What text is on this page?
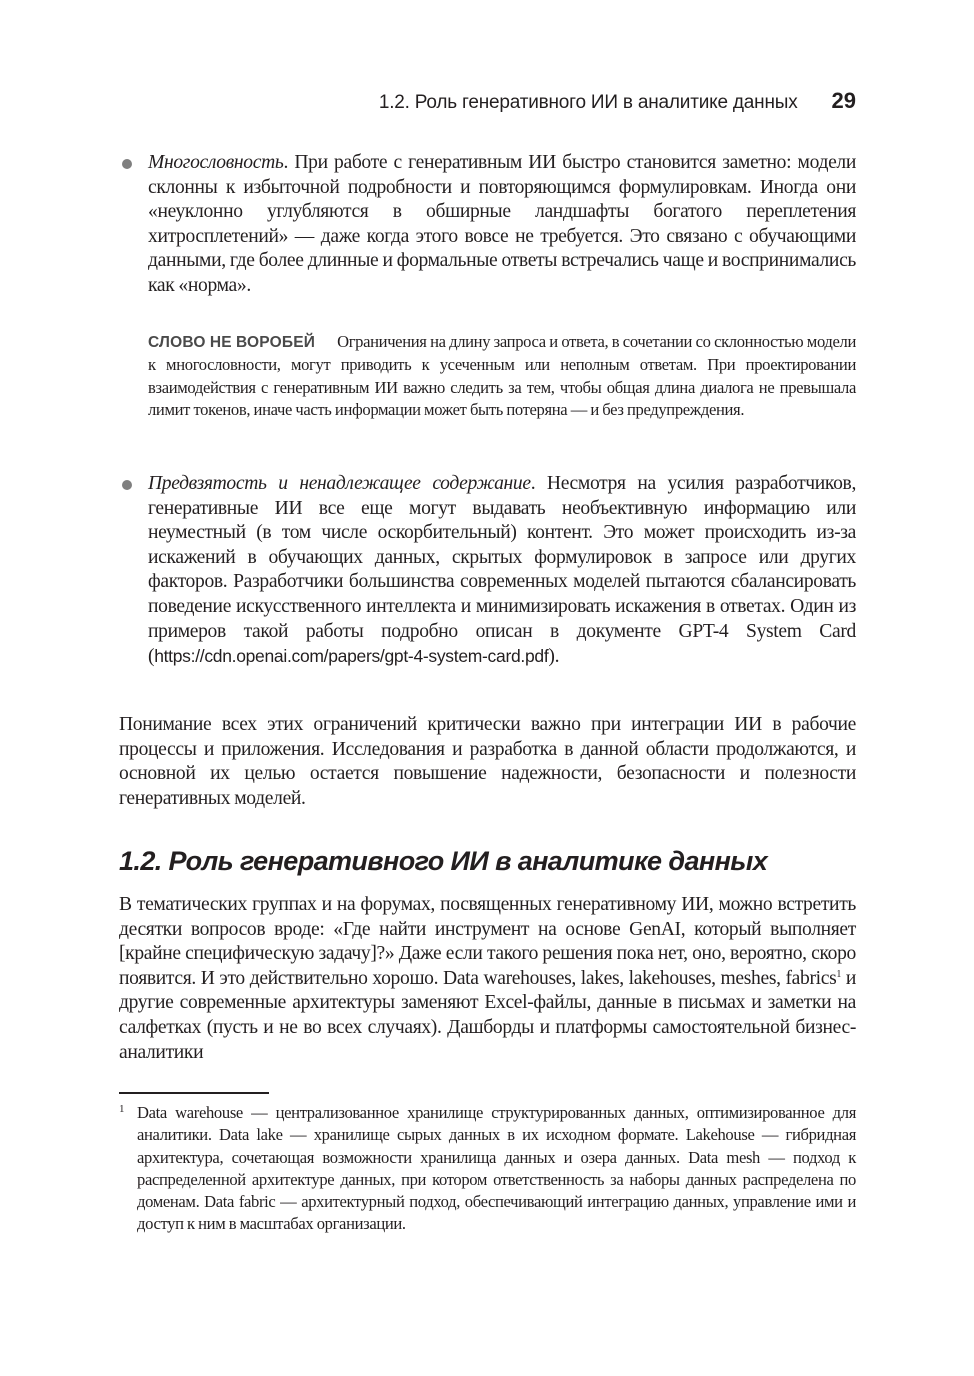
1.2. Роль генеративного ИИ в аналитике данных 29
Многословность. При работе с генеративным ИИ быстро становится заметно: модели склонны к избыточной подробности и повторяющимся формулировкам. Иногда они «неуклонно углубляются в обширные ландшафты богатого переплетения хитросплетений» — даже когда этого вовсе не требуется. Это связано с обучающими данными, где более длинные и формальные ответы встречались чаще и воспринимались как «норма».
СЛОВО НЕ ВОРОБЕЙ Ограничения на длину запроса и ответа, в сочетании со склонностью модели к многословности, могут приводить к усеченным или неполным ответам. При проектировании взаимодействия с генеративным ИИ важно следить за тем, чтобы общая длина диалога не превышала лимит токенов, иначе часть информации может быть потеряна — и без предупреждения.
Предвзятость и ненадлежащее содержание. Несмотря на усилия разработчиков, генеративные ИИ все еще могут выдавать необъективную информацию или неуместный (в том числе оскорбительный) контент. Это может происходить из-за искажений в обучающих данных, скрытых формулировок в запросе или других факторов. Разработчики большинства современных моделей пытаются сбалансировать поведение искусственного интеллекта и минимизировать искажения в ответах. Один из примеров такой работы подробно описан в документе GPT-4 System Card (https://cdn.openai.com/papers/gpt-4-system-card.pdf).
Понимание всех этих ограничений критически важно при интеграции ИИ в рабочие процессы и приложения. Исследования и разработка в данной области продолжаются, и основной их целью остается повышение надежности, безопасности и полезности генеративных моделей.
1.2. Роль генеративного ИИ в аналитике данных
В тематических группах и на форумах, посвященных генеративному ИИ, можно встретить десятки вопросов вроде: «Где найти инструмент на основе GenAI, который выполняет [крайне специфическую задачу]?» Даже если такого решения пока нет, оно, вероятно, скоро появится. И это действительно хорошо. Data warehouses, lakes, lakehouses, meshes, fabrics$^1$ и другие современные архитектуры заменяют Excel-файлы, данные в письмах и заметки на салфетках (пусть и не во всех случаях). Дашборды и платформы самостоятельной бизнес-аналитики
1 Data warehouse — централизованное хранилище структурированных данных, оптимизированное для аналитики. Data lake — хранилище сырых данных в их исходном формате. Lakehouse — гибридная архитектура, сочетающая возможности хранилища данных и озера данных. Data mesh — подход к распределенной архитектуре данных, при котором ответственность за наборы данных распределена по доменам. Data fabric — архитектурный подход, обеспечивающий интеграцию данных, управление ими и доступ к ним в масштабах организации.
